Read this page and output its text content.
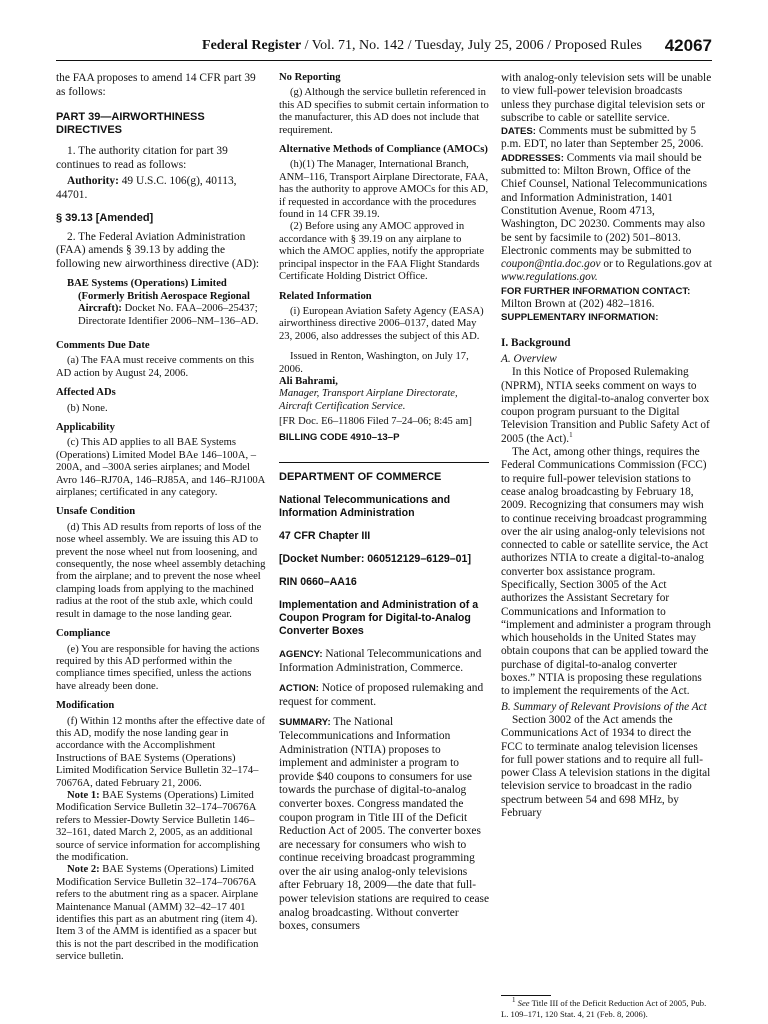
Federal Register / Vol. 71, No. 142 / Tuesday, July 25, 2006 / Proposed Rules 42067

the FAA proposes to amend 14 CFR part 39 as follows:

PART 39—AIRWORTHINESS DIRECTIVES

1. The authority citation for part 39 continues to read as follows:

Authority: 49 U.S.C. 106(g), 40113, 44701.

§ 39.13 [Amended]

2. The Federal Aviation Administration (FAA) amends § 39.13 by adding the following new airworthiness directive (AD):

BAE Systems (Operations) Limited (Formerly British Aerospace Regional Aircraft): Docket No. FAA–2006–25437; Directorate Identifier 2006–NM–136–AD.

Comments Due Date

(a) The FAA must receive comments on this AD action by August 24, 2006.

Affected ADs

(b) None.

Applicability

(c) This AD applies to all BAE Systems (Operations) Limited Model BAe 146–100A, –200A, and –300A series airplanes; and Model Avro 146–RJ70A, 146–RJ85A, and 146–RJ100A airplanes; certificated in any category.

Unsafe Condition

(d) This AD results from reports of loss of the nose wheel assembly. We are issuing this AD to prevent the nose wheel nut from loosening, and consequently, the nose wheel assembly detaching from the airplane; and to prevent the nose wheel clamping loads from applying to the machined radius at the root of the stub axle, which could result in damage to the nose landing gear.

Compliance

(e) You are responsible for having the actions required by this AD performed within the compliance times specified, unless the actions have already been done.

Modification

(f) Within 12 months after the effective date of this AD, modify the nose landing gear in accordance with the Accomplishment Instructions of BAE Systems (Operations) Limited Modification Service Bulletin 32–174–70676A, dated February 21, 2006.

Note 1: BAE Systems (Operations) Limited Modification Service Bulletin 32–174–70676A refers to Messier-Dowty Service Bulletin 146–32–161, dated March 2, 2005, as an additional source of service information for accomplishing the modification.

Note 2: BAE Systems (Operations) Limited Modification Service Bulletin 32–174–70676A refers to the abutment ring as a spacer. Airplane Maintenance Manual (AMM) 32–42–17 401 identifies this part as an abutment ring (item 4). Item 3 of the AMM is identified as a spacer but this is not the part described in the modification service bulletin.

No Reporting

(g) Although the service bulletin referenced in this AD specifies to submit certain information to the manufacturer, this AD does not include that requirement.

Alternative Methods of Compliance (AMOCs)

(h)(1) The Manager, International Branch, ANM–116, Transport Airplane Directorate, FAA, has the authority to approve AMOCs for this AD, if requested in accordance with the procedures found in 14 CFR 39.19.

(2) Before using any AMOC approved in accordance with § 39.19 on any airplane to which the AMOC applies, notify the appropriate principal inspector in the FAA Flight Standards Certificate Holding District Office.

Related Information

(i) European Aviation Safety Agency (EASA) airworthiness directive 2006–0137, dated May 23, 2006, also addresses the subject of this AD.

Issued in Renton, Washington, on July 17, 2006.

Ali Bahrami,

Manager, Transport Airplane Directorate, Aircraft Certification Service.

[FR Doc. E6–11806 Filed 7–24–06; 8:45 am]

BILLING CODE 4910–13–P

DEPARTMENT OF COMMERCE
National Telecommunications and Information Administration
47 CFR Chapter III
[Docket Number: 060512129–6129–01]
RIN 0660–AA16
Implementation and Administration of a Coupon Program for Digital-to-Analog Converter Boxes

AGENCY: National Telecommunications and Information Administration, Commerce.

ACTION: Notice of proposed rulemaking and request for comment.

SUMMARY: The National Telecommunications and Information Administration (NTIA) proposes to implement and administer a program to provide $40 coupons to consumers for use towards the purchase of digital-to-analog converter boxes. Congress mandated the coupon program in Title III of the Deficit Reduction Act of 2005. The converter boxes are necessary for consumers who wish to continue receiving broadcast programming over the air using analog-only televisions after February 18, 2009—the date that full-power television stations are required to cease analog broadcasting. Without converter boxes, consumers

with analog-only television sets will be unable to view full-power television broadcasts unless they purchase digital television sets or subscribe to cable or satellite service.

DATES: Comments must be submitted by 5 p.m. EDT, no later than September 25, 2006.

ADDRESSES: Comments via mail should be submitted to: Milton Brown, Office of the Chief Counsel, National Telecommunications and Information Administration, 1401 Constitution Avenue, Room 4713, Washington, DC 20230. Comments may also be sent by facsimile to (202) 501–8013. Electronic comments may be submitted to coupon@ntia.doc.gov or to Regulations.gov at www.regulations.gov.

FOR FURTHER INFORMATION CONTACT:

Milton Brown at (202) 482–1816.

SUPPLEMENTARY INFORMATION:

I. Background

A. Overview

In this Notice of Proposed Rulemaking (NPRM), NTIA seeks comment on ways to implement the digital-to-analog converter box coupon program pursuant to the Digital Television Transition and Public Safety Act of 2005 (the Act).$^1$

The Act, among other things, requires the Federal Communications Commission (FCC) to require full-power television stations to cease analog broadcasting by February 18, 2009. Recognizing that consumers may wish to continue receiving broadcast programming over the air using analog-only televisions not connected to cable or satellite service, the Act authorizes NTIA to create a digital-to-analog converter box assistance program. Specifically, Section 3005 of the Act authorizes the Assistant Secretary for Communications and Information to “implement and administer a program through which households in the United States may obtain coupons that can be applied toward the purchase of digital-to-analog converter boxes.” NTIA is proposing these regulations to implement the requirements of the Act.

B. Summary of Relevant Provisions of the Act

Section 3002 of the Act amends the Communications Act of 1934 to direct the FCC to terminate analog television licenses for full power stations and to require all full-power Class A television stations in the digital television service to broadcast in the radio spectrum between 54 and 698 MHz, by February

$^1$ See Title III of the Deficit Reduction Act of 2005, Pub. L. 109–171, 120 Stat. 4, 21 (Feb. 8, 2006).
